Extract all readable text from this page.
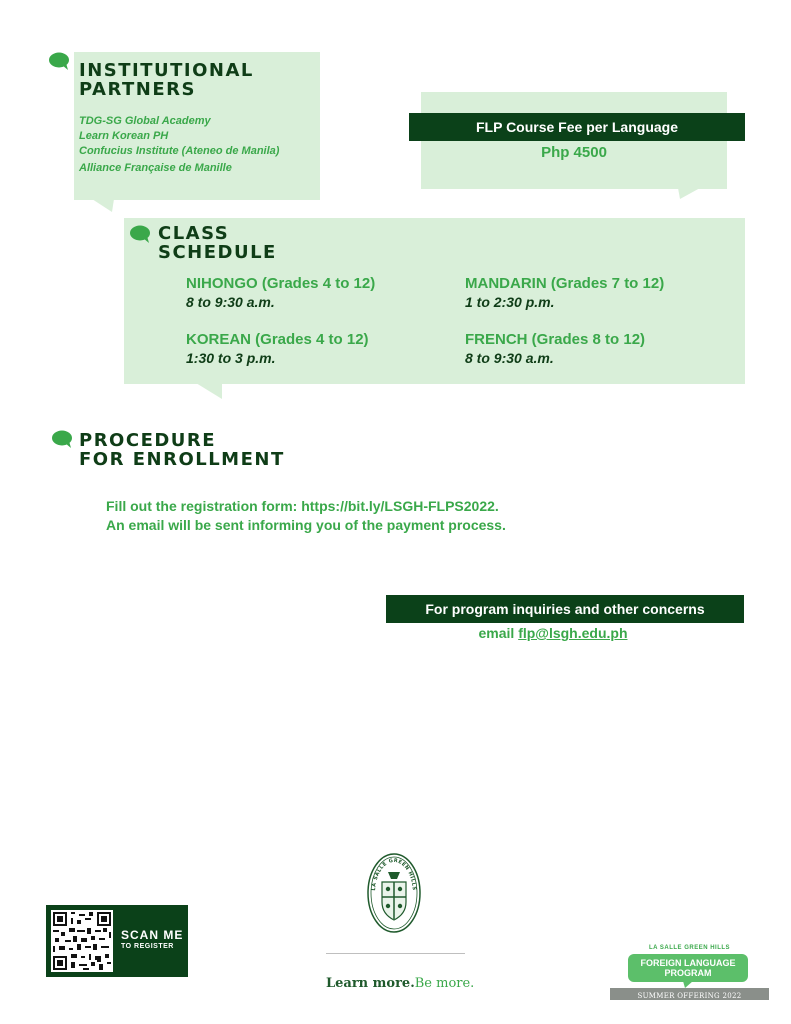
INSTITUTIONAL
PARTNERS
TDG-SG Global Academy
Learn Korean PH
Confucius Institute (Ateneo de Manila)
Alliance Française de Manille
FLP Course Fee per Language
Php 4500
CLASS
SCHEDULE
NIHONGO (Grades 4 to 12)
8 to 9:30 a.m.
MANDARIN (Grades 7 to 12)
1 to 2:30 p.m.
KOREAN (Grades 4 to 12)
1:30 to 3 p.m.
FRENCH (Grades 8 to 12)
8 to 9:30 a.m.
PROCEDURE
FOR ENROLLMENT
Fill out the registration form: https://bit.ly/LSGH-FLPS2022.
An email will be sent informing you of the payment process.
For program inquiries and other concerns
email flp@lsgh.edu.ph
SCAN ME
TO REGISTER
LA SALLE GREEN HILLS
Learn more.Be more.
LA SALLE GREEN HILLS
FOREIGN LANGUAGE
PROGRAM
SUMMER OFFERING 2022
